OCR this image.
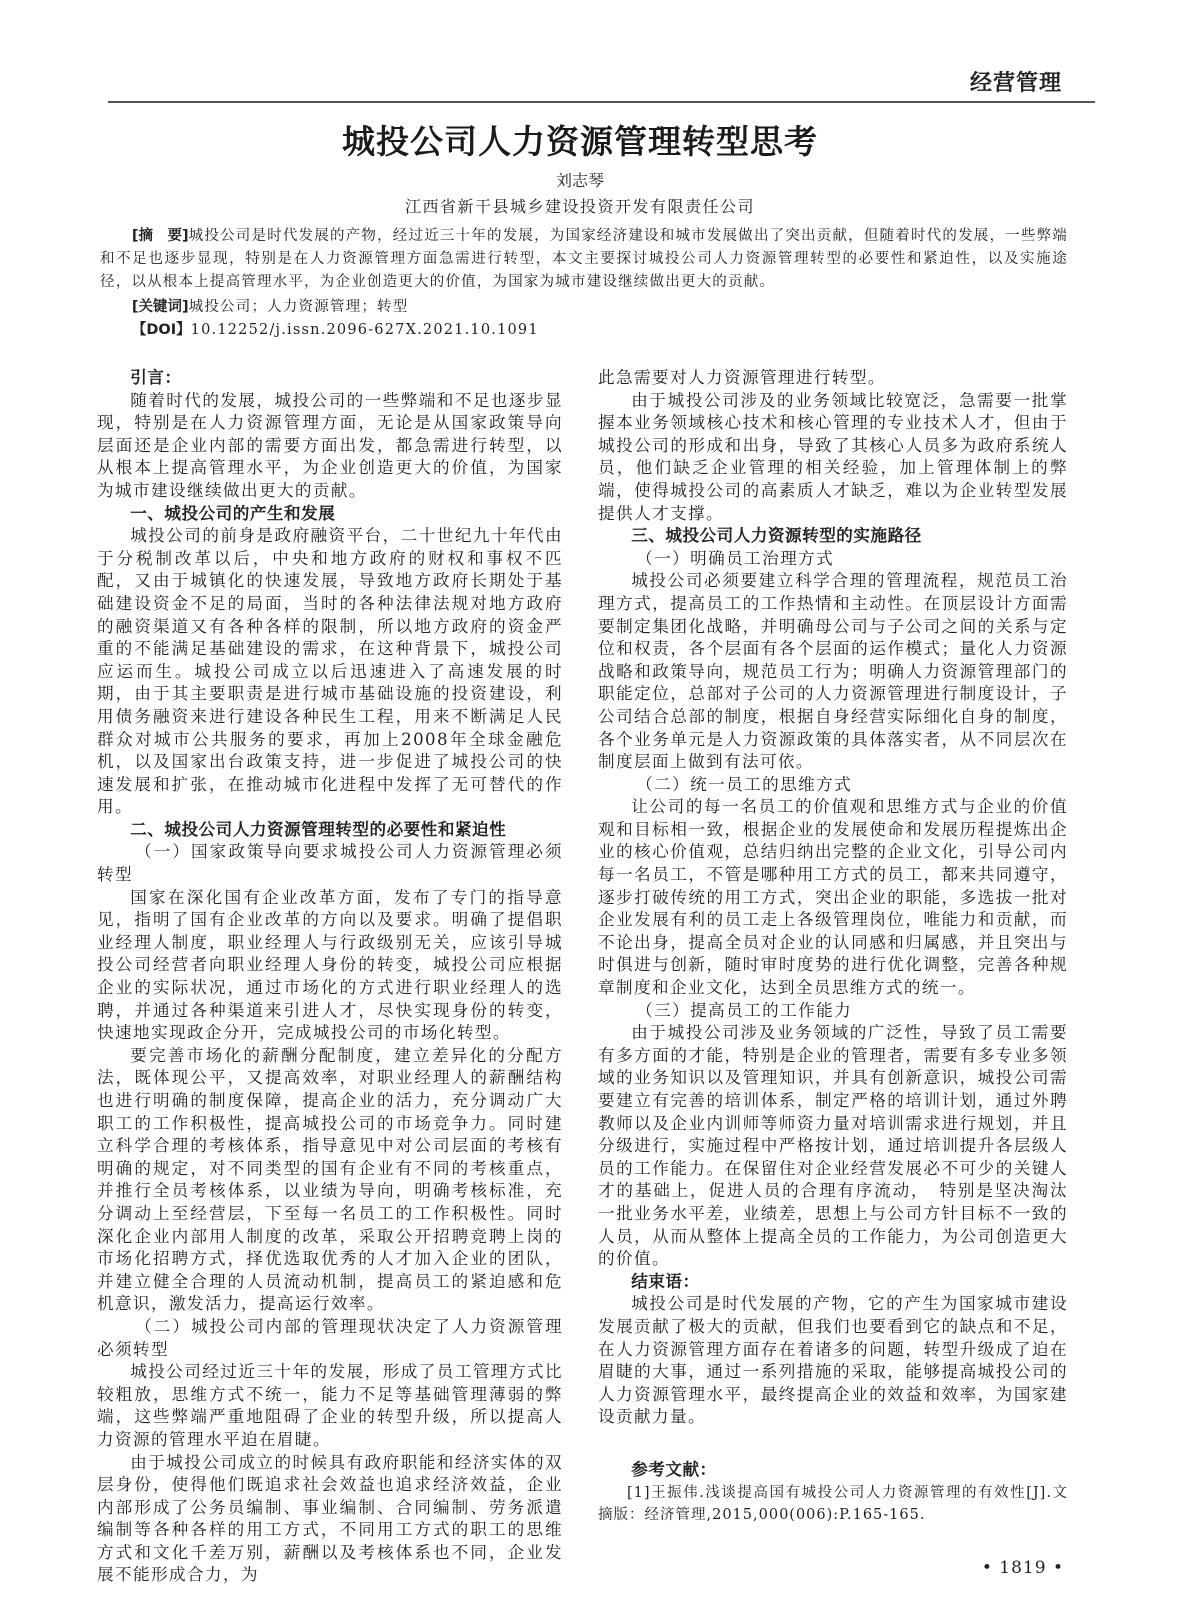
经营管理
城投公司人力资源管理转型思考
刘志琴
江西省新干县城乡建设投资开发有限责任公司

[摘　要]城投公司是时代发展的产物，经过近三十年的发展，为国家经济建设和城市发展做出了突出贡献，但随着时代的发展，一些弊端和不足也逐步显现，特别是在人力资源管理方面急需进行转型，本文主要探讨城投公司人力资源管理转型的必要性和紧迫性，以及实施途径，以从根本上提高管理水平，为企业创造更大的价值，为国家为城市建设继续做出更大的贡献。

[关键词]城投公司；人力资源管理；转型

【DOI】10.12252/j.issn.2096-627X.2021.10.1091

引言：

随着时代的发展，城投公司的一些弊端和不足也逐步显现，特别是在人力资源管理方面，无论是从国家政策导向层面还是企业内部的需要方面出发，都急需进行转型，以从根本上提高管理水平，为企业创造更大的价值，为国家为城市建设继续做出更大的贡献。

一、城投公司的产生和发展

城投公司的前身是政府融资平台，二十世纪九十年代由于分税制改革以后，中央和地方政府的财权和事权不匹配，又由于城镇化的快速发展，导致地方政府长期处于基础建设资金不足的局面，当时的各种法律法规对地方政府的融资渠道又有各种各样的限制，所以地方政府的资金严重的不能满足基础建设的需求，在这种背景下，城投公司应运而生。城投公司成立以后迅速进入了高速发展的时期，由于其主要职责是进行城市基础设施的投资建设，利用债务融资来进行建设各种民生工程，用来不断满足人民群众对城市公共服务的要求，再加上2008年全球金融危机，以及国家出台政策支持，进一步促进了城投公司的快速发展和扩张，在推动城市化进程中发挥了无可替代的作用。

二、城投公司人力资源管理转型的必要性和紧迫性
（一）国家政策导向要求城投公司人力资源管理必须转型

国家在深化国有企业改革方面，发布了专门的指导意见，指明了国有企业改革的方向以及要求。明确了提倡职业经理人制度，职业经理人与行政级别无关，应该引导城投公司经营者向职业经理人身份的转变，城投公司应根据企业的实际状况，通过市场化的方式进行职业经理人的选聘，并通过各种渠道来引进人才，尽快实现身份的转变，快速地实现政企分开，完成城投公司的市场化转型。

要完善市场化的薪酬分配制度，建立差异化的分配方法，既体现公平，又提高效率，对职业经理人的薪酬结构也进行明确的制度保障，提高企业的活力，充分调动广大职工的工作积极性，提高城投公司的市场竞争力。同时建立科学合理的考核体系，指导意见中对公司层面的考核有明确的规定，对不同类型的国有企业有不同的考核重点，并推行全员考核体系，以业绩为导向，明确考核标准，充分调动上至经营层，下至每一名员工的工作积极性。同时深化企业内部用人制度的改革，采取公开招聘竞聘上岗的市场化招聘方式，择优选取优秀的人才加入企业的团队，并建立健全合理的人员流动机制，提高员工的紧迫感和危机意识，激发活力，提高运行效率。

（二）城投公司内部的管理现状决定了人力资源管理必须转型

城投公司经过近三十年的发展，形成了员工管理方式比较粗放，思维方式不统一，能力不足等基础管理薄弱的弊端，这些弊端严重地阻碍了企业的转型升级，所以提高人力资源的管理水平迫在眉睫。

由于城投公司成立的时候具有政府职能和经济实体的双层身份，使得他们既追求社会效益也追求经济效益，企业内部形成了公务员编制、事业编制、合同编制、劳务派遣编制等各种各样的用工方式，不同用工方式的职工的思维方式和文化千差万别，薪酬以及考核体系也不同，企业发展不能形成合力，为

此急需要对人力资源管理进行转型。

由于城投公司涉及的业务领域比较宽泛，急需要一批掌握本业务领域核心技术和核心管理的专业技术人才，但由于城投公司的形成和出身，导致了其核心人员多为政府系统人员，他们缺乏企业管理的相关经验，加上管理体制上的弊端，使得城投公司的高素质人才缺乏，难以为企业转型发展提供人才支撑。

三、城投公司人力资源转型的实施路径
（一）明确员工治理方式

城投公司必须要建立科学合理的管理流程，规范员工治理方式，提高员工的工作热情和主动性。在顶层设计方面需要制定集团化战略，并明确母公司与子公司之间的关系与定位和权责，各个层面有各个层面的运作模式；量化人力资源战略和政策导向，规范员工行为；明确人力资源管理部门的职能定位，总部对子公司的人力资源管理进行制度设计，子公司结合总部的制度，根据自身经营实际细化自身的制度，各个业务单元是人力资源政策的具体落实者，从不同层次在制度层面上做到有法可依。

（二）统一员工的思维方式

让公司的每一名员工的价值观和思维方式与企业的价值观和目标相一致，根据企业的发展使命和发展历程提炼出企业的核心价值观，总结归纳出完整的企业文化，引导公司内每一名员工，不管是哪种用工方式的员工，都来共同遵守，逐步打破传统的用工方式，突出企业的职能，多选拔一批对企业发展有利的员工走上各级管理岗位，唯能力和贡献，而不论出身，提高全员对企业的认同感和归属感，并且突出与时俱进与创新，随时审时度势的进行优化调整，完善各种规章制度和企业文化，达到全员思维方式的统一。

（三）提高员工的工作能力

由于城投公司涉及业务领域的广泛性，导致了员工需要有多方面的才能，特别是企业的管理者，需要有多专业多领域的业务知识以及管理知识，并具有创新意识，城投公司需要建立有完善的培训体系，制定严格的培训计划，通过外聘教师以及企业内训师等师资力量对培训需求进行规划，并且分级进行，实施过程中严格按计划，通过培训提升各层级人员的工作能力。在保留住对企业经营发展必不可少的关键人才的基础上，促进人员的合理有序流动，　特别是坚决淘汰一批业务水平差，业绩差，思想上与公司方针目标不一致的人员，从而从整体上提高全员的工作能力，为公司创造更大的价值。

结束语：

城投公司是时代发展的产物，它的产生为国家城市建设发展贡献了极大的贡献，但我们也要看到它的缺点和不足，在人力资源管理方面存在着诸多的问题，转型升级成了迫在眉睫的大事，通过一系列措施的采取，能够提高城投公司的人力资源管理水平，最终提高企业的效益和效率，为国家建设贡献力量。

参考文献：

[1]王振伟.浅谈提高国有城投公司人力资源管理的有效性[J].文摘版：经济管理,2015,000(006):P.165-165.

• 1819 •
